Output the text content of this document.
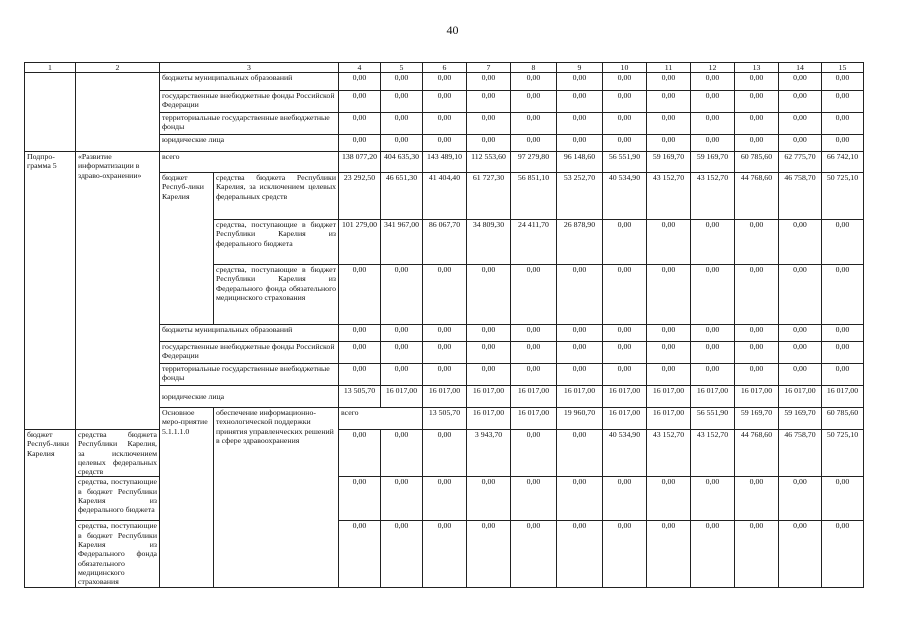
40
1	2	3		4	5	6	7	8	9	10	11	12	13	14	15	
		бюджеты муниципальных образований		0,00	0,00	0,00	0,00	0,00	0,00	0,00	0,00	0,00	0,00	0,00	0,00	
		государственные внебюджетные фонды Российской Федерации		0,00	0,00	0,00	0,00	0,00	0,00	0,00	0,00	0,00	0,00	0,00	0,00	
		территориальные государственные внебюджетные фонды		0,00	0,00	0,00	0,00	0,00	0,00	0,00	0,00	0,00	0,00	0,00	0,00	
		юридические лица		0,00	0,00	0,00	0,00	0,00	0,00	0,00	0,00	0,00	0,00	0,00	0,00	
Подпро-грамма 5	«Развитие информатизации в здраво-охранении»	всего		138 077,20	404 635,30	143 489,10	112 553,60	97 279,80	96 148,60	56 551,90	59 169,70	59 169,70	60 785,60	62 775,70	66 742,10	
		бюджет Респуб-лики Карелия	средства бюджета Республики Карелия, за исключением целевых федеральных средств	23 292,50	46 651,30	41 404,40	61 727,30	56 851,10	53 252,70	40 534,90	43 152,70	43 152,70	44 768,60	46 758,70	50 725,10	
			средства, поступающие в бюджет Республики Карелия из федерального бюджета	101 279,00	341 967,00	86 067,70	34 809,30	24 411,70	26 878,90	0,00	0,00	0,00	0,00	0,00	0,00	
			средства, поступающие в бюджет Республики Карелия из Федерального фонда обязательного медицинского страхования	0,00	0,00	0,00	0,00	0,00	0,00	0,00	0,00	0,00	0,00	0,00	0,00	
		бюджеты муниципальных образований		0,00	0,00	0,00	0,00	0,00	0,00	0,00	0,00	0,00	0,00	0,00	0,00	
		государственные внебюджетные фонды Российской Федерации		0,00	0,00	0,00	0,00	0,00	0,00	0,00	0,00	0,00	0,00	0,00	0,00	
		территориальные государственные внебюджетные фонды		0,00	0,00	0,00	0,00	0,00	0,00	0,00	0,00	0,00	0,00	0,00	0,00	
		юридические лица		13 505,70	16 017,00	16 017,00	16 017,00	16 017,00	16 017,00	16 017,00	16 017,00	16 017,00	16 017,00	16 017,00	16 017,00	
		Основное меро-приятие 5.1.1.1.0	обеспечение информационно-технологической поддержки принятия управленческих решений в сфере здравоохранения	всего		13 505,70	16 017,00	16 017,00	19 960,70	16 017,00	16 017,00	56 551,90	59 169,70	59 169,70	60 785,60		
бюджет Респуб-лики Карелия	средства бюджета Республики Карелия, за исключением целевых федеральных средств			0,00	0,00	0,00	3 943,70	0,00	0,00	40 534,90	43 152,70	43 152,70	44 768,60	46 758,70	50 725,10	
	средства, поступающие в бюджет Республики Карелия из федерального бюджета			0,00	0,00	0,00	0,00	0,00	0,00	0,00	0,00	0,00	0,00	0,00	0,00	
	средства, поступающие в бюджет Республики Карелия из Федерального фонда обязательного медицинского страхования			0,00	0,00	0,00	0,00	0,00	0,00	0,00	0,00	0,00	0,00	0,00	0,00	
